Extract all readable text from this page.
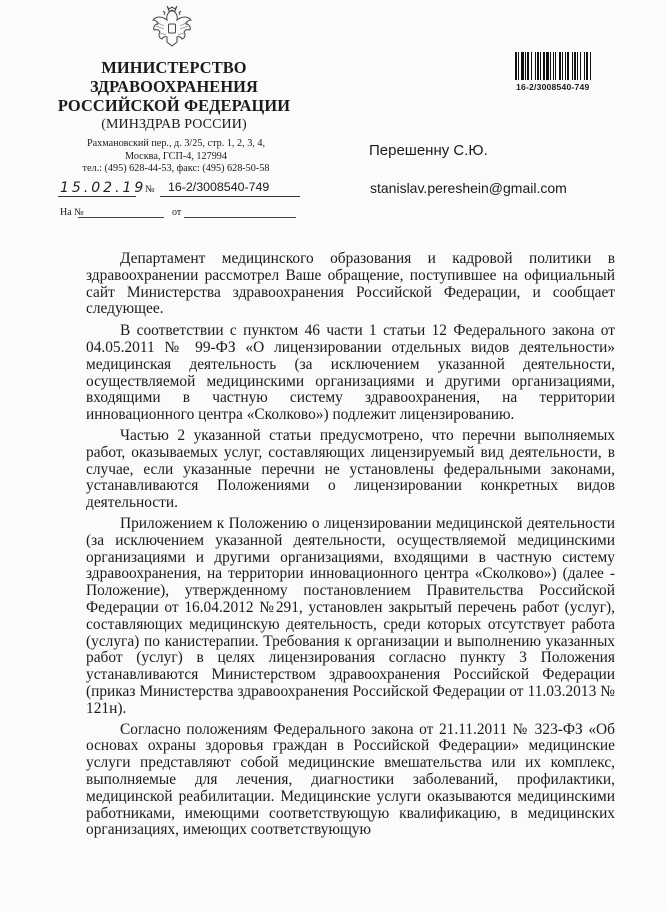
МИНИСТЕРСТВО
ЗДРАВООХРАНЕНИЯ
РОССИЙСКОЙ ФЕДЕРАЦИИ
(МИНЗДРАВ РОССИИ)
Рахмановский пер., д. 3/25, стр. 1, 2, 3, 4,
Москва, ГСП-4, 127994
тел.: (495) 628-44-53, факс: (495) 628-50-58
15.02.19
№ 16-2/3008540-749
На №	от
16-2/3008540-749
Перешенну С.Ю.
stanislav.pereshein@gmail.com

Департамент медицинского образования и кадровой политики в здравоохранении рассмотрел Ваше обращение, поступившее на официальный сайт Министерства здравоохранения Российской Федерации, и сообщает следующее.

В соответствии с пунктом 46 части 1 статьи 12 Федерального закона от 04.05.2011 № 99-ФЗ «О лицензировании отдельных видов деятельности» медицинская деятельность (за исключением указанной деятельности, осуществляемой медицинскими организациями и другими организациями, входящими в частную систему здравоохранения, на территории инновационного центра «Сколково») подлежит лицензированию.

Частью 2 указанной статьи предусмотрено, что перечни выполняемых работ, оказываемых услуг, составляющих лицензируемый вид деятельности, в случае, если указанные перечни не установлены федеральными законами, устанавливаются Положениями о лицензировании конкретных видов деятельности.

Приложением к Положению о лицензировании медицинской деятельности (за исключением указанной деятельности, осуществляемой медицинскими организациями и другими организациями, входящими в частную систему здравоохранения, на территории инновационного центра «Сколково») (далее - Положение), утвержденному постановлением Правительства Российской Федерации от 16.04.2012 №291, установлен закрытый перечень работ (услуг), составляющих медицинскую деятельность, среди которых отсутствует работа (услуга) по канистерапии. Требования к организации и выполнению указанных работ (услуг) в целях лицензирования согласно пункту 3 Положения устанавливаются Министерством здравоохранения Российской Федерации (приказ Министерства здравоохранения Российской Федерации от 11.03.2013 № 121н).

Согласно положениям Федерального закона от 21.11.2011 № 323-ФЗ «Об основах охраны здоровья граждан в Российской Федерации» медицинские услуги представляют собой медицинские вмешательства или их комплекс, выполняемые для лечения, диагностики заболеваний, профилактики, медицинской реабилитации. Медицинские услуги оказываются медицинскими работниками, имеющими соответствующую квалификацию, в медицинских организациях, имеющих соответствующую
